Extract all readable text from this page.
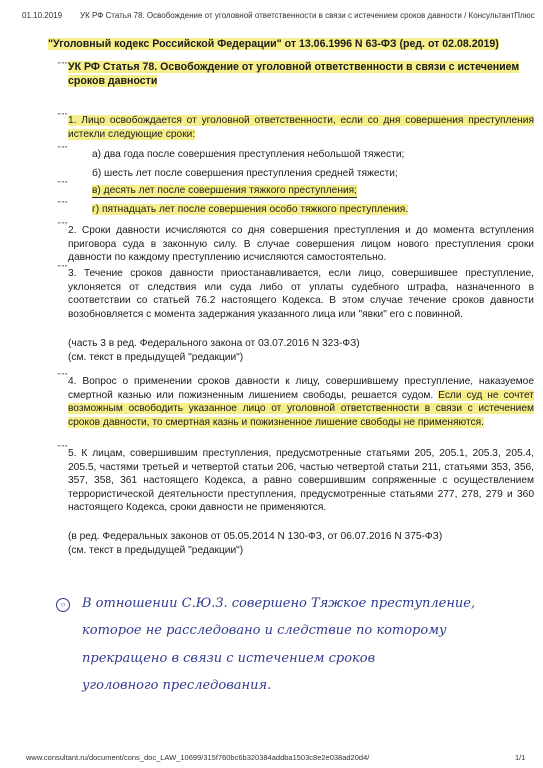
01.10.2019 УК РФ Статья 78. Освобождение от уголовной ответственности в связи с истечением сроков давности / КонсультантПлюс
"Уголовный кодекс Российской Федерации" от 13.06.1996 N 63-ФЗ (ред. от 02.08.2019)
""" УК РФ Статья 78. Освобождение от уголовной ответственности в связи с истечением сроков давности
""" 1. Лицо освобождается от уголовной ответственности, если со дня совершения преступления истекли следующие сроки:
""" а) два года после совершения преступления небольшой тяжести;
б) шесть лет после совершения преступления средней тяжести;
"""
в) десять лет после совершения тяжкого преступления;
""" г) пятнадцать лет после совершения особо тяжкого преступления.
""" 2. Сроки давности исчисляются со дня совершения преступления и до момента вступления приговора суда в законную силу. В случае совершения лицом нового преступления сроки давности по каждому преступлению исчисляются самостоятельно.
""" 3. Течение сроков давности приостанавливается, если лицо, совершившее преступление, уклоняется от следствия или суда либо от уплаты судебного штрафа, назначенного в соответствии со статьей 76.2 настоящего Кодекса. В этом случае течение сроков давности возобновляется с момента задержания указанного лица или "явки" его с повинной.
(часть 3 в ред. Федерального закона от 03.07.2016 N 323-ФЗ)
(см. текст в предыдущей "редакции")
""" 4. Вопрос о применении сроков давности к лицу, совершившему преступление, наказуемое смертной казнью или пожизненным лишением свободы, решается судом. Если суд не сочтет возможным освободить указанное лицо от уголовной ответственности в связи с истечением сроков давности, то смертная казнь и пожизненное лишение свободы не применяются.
""" 5. К лицам, совершившим преступления, предусмотренные статьями 205, 205.1, 205.3, 205.4, 205.5, частями третьей и четвертой статьи 206, частью четвертой статьи 211, статьями 353, 356, 357, 358, 361 настоящего Кодекса, а равно совершившим сопряженные с осуществлением террористической деятельности преступления, предусмотренные статьями 277, 278, 279 и 360 настоящего Кодекса, сроки давности не применяются.
(в ред. Федеральных законов от 05.05.2014 N 130-ФЗ, от 06.07.2016 N 375-ФЗ)
(см. текст в предыдущей "редакции")
○	В отношении С.Ю.З. совершено Тяжкое преступление,
которое не расследовано и следствие по которому
прекращено в связи с истечением сроков
уголовного преследования.
www.consultant.ru/document/cons_doc_LAW_10699/315f760bc6b320384addba1503c8e2e038ad20d4/	1/1
